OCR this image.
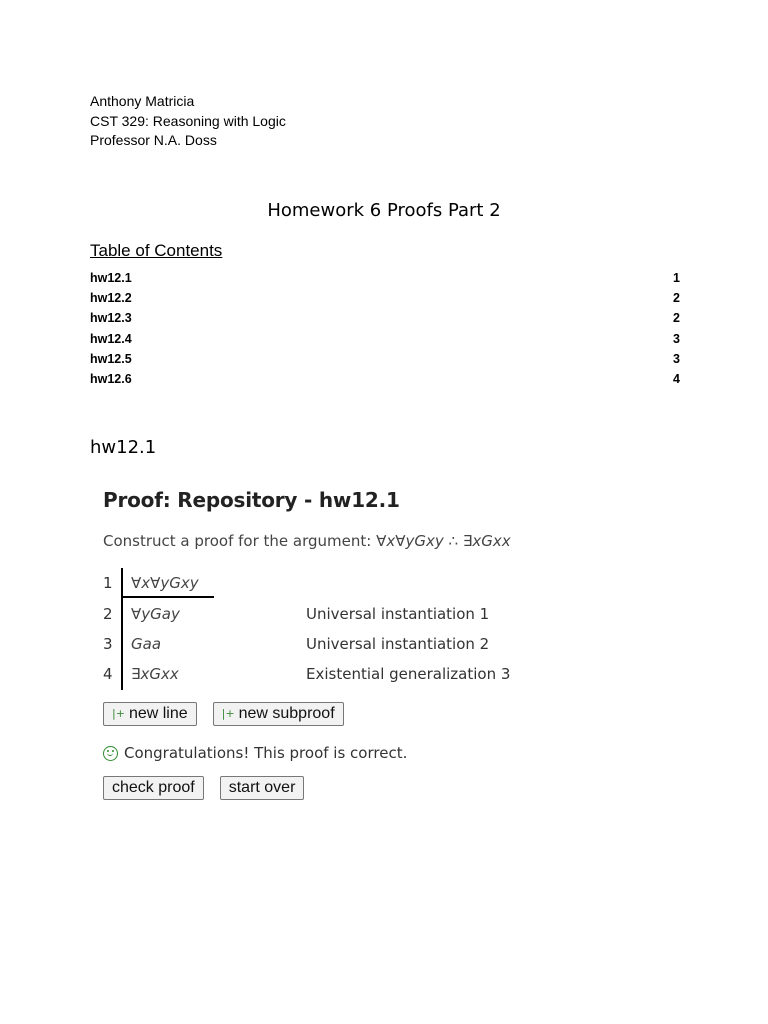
Anthony Matricia
CST 329: Reasoning with Logic
Professor N.A. Doss
Homework 6 Proofs Part 2
Table of Contents
hw12.1	1
hw12.2	2
hw12.3	2
hw12.4	3
hw12.5	3
hw12.6	4
hw12.1
Proof: Repository - hw12.1
Construct a proof for the argument: ∀x∀yGxy ∴ ∃xGxx
1 ∀x∀yGxy
2 ∀yGay	Universal instantiation 1
3 Gaa	Universal instantiation 2
4 ∃xGxx	Existential generalization 3
|+ new line	|+ new subproof
Congratulations! This proof is correct.
check proof	start over
